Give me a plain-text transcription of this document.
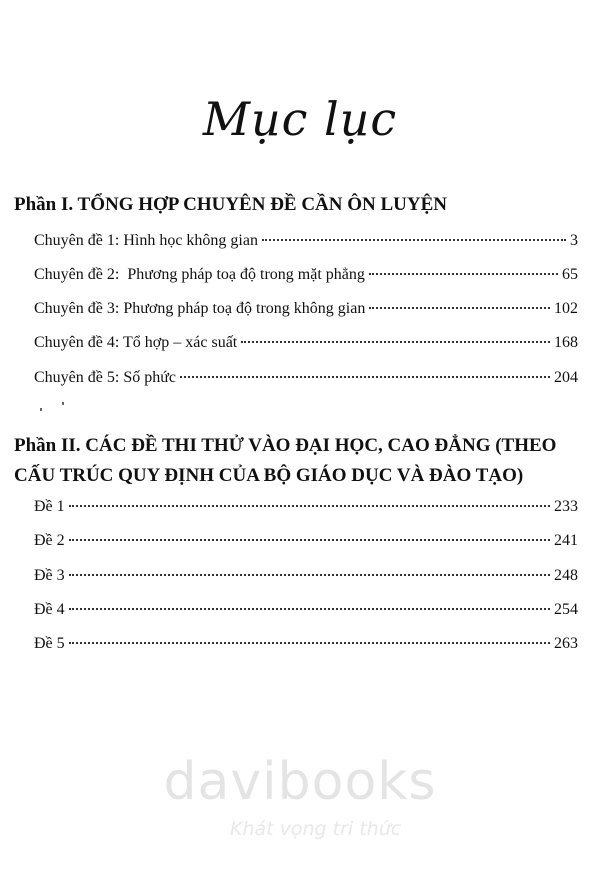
Mục lục
Phần I. TỔNG HỢP CHUYÊN ĐỀ CẦN ÔN LUYỆN
Chuyên đề 1: Hình học không gian	3
Chuyên đề 2:  Phương pháp toạ độ trong mặt phẳng	65
Chuyên đề 3: Phương pháp toạ độ trong không gian	102
Chuyên đề 4: Tổ hợp – xác suất	168
Chuyên đề 5: Số phức	204
Phần II. CÁC ĐỀ THI THỬ VÀO ĐẠI HỌC, CAO ĐẲNG (THEO CẤU TRÚC QUY ĐỊNH CỦA BỘ GIÁO DỤC VÀ ĐÀO TẠO)
Đề 1	233
Đề 2	241
Đề 3	248
Đề 4	254
Đề 5	263
davibooks
Khát vọng tri thức
